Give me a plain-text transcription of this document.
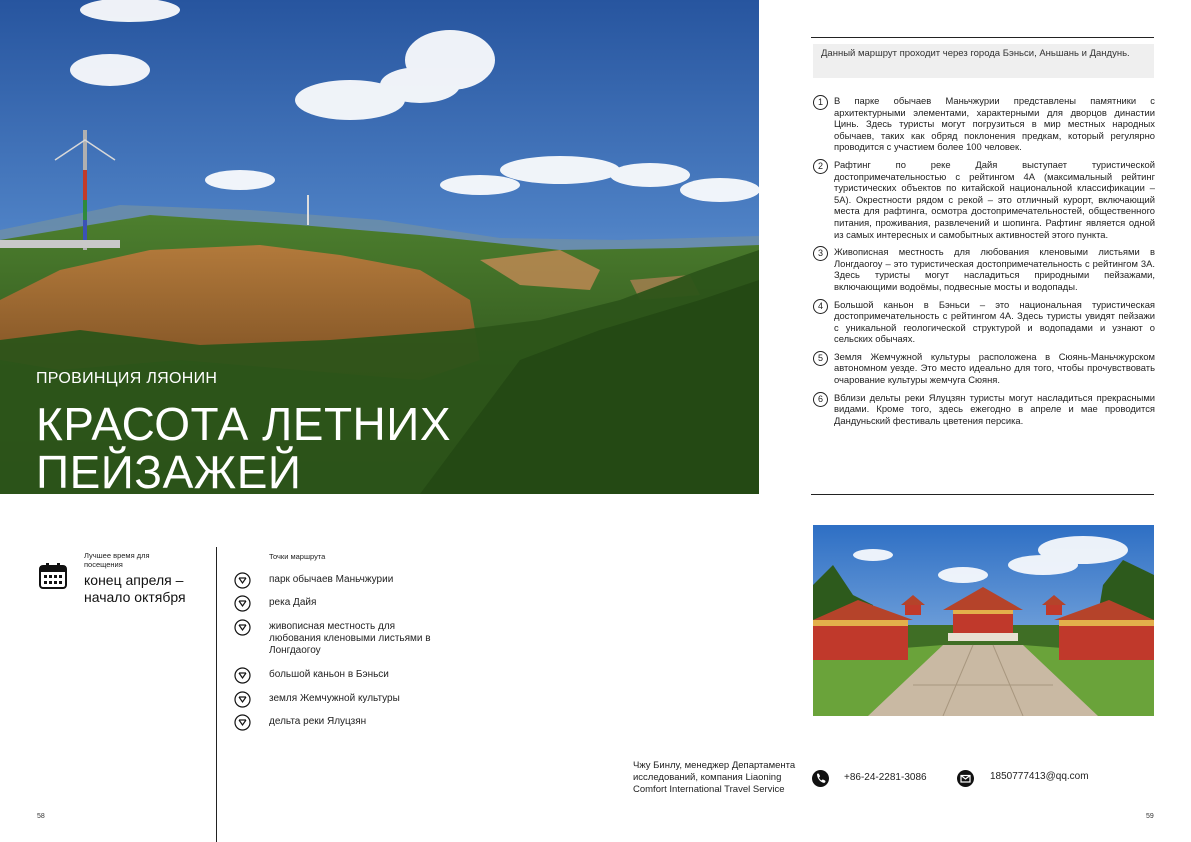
ПРОВИНЦИЯ ЛЯОНИН
КРАСОТА ЛЕТНИХ
ПЕЙЗАЖЕЙ
Данный маршрут проходит через города Бэньси, Аньшань и Дандунь.
1	В парке обычаев Маньчжурии представлены памятники с архитектурными элементами, характерными для дворцов династии Цинь. Здесь туристы могут погрузиться в мир местных народных обычаев, таких как обряд поклонения предкам, который регулярно проводится с участием более 100 человек.
2	Рафтинг по реке Дайя выступает туристической достопримечательностью с рейтингом 4А (максимальный рейтинг туристических объектов по китайской национальной классификации – 5А). Окрестности рядом с рекой – это отличный курорт, включающий места для рафтинга, осмотра достопримечательностей, общественного питания, проживания, развлечений и шопинга. Рафтинг является одной из самых интересных и самобытных активностей этого пункта.
3	Живописная местность для любования кленовыми листьями в Лонгдаогоу – это туристическая достопримечательность с рейтингом 3А. Здесь туристы могут насладиться природными пейзажами, включающими водоёмы, подвесные мосты и водопады.
4	Большой каньон в Бэньси – это национальная туристическая достопримечательность с рейтингом 4А. Здесь туристы увидят пейзажи с уникальной геологической структурой и водопадами и узнают о сельских обычаях.
5	Земля Жемчужной культуры расположена в Сюянь-Маньчжурском автономном уезде. Это место идеально для того, чтобы прочувствовать очарование культуры жемчуга Сюяня.
6	Вблизи дельты реки Ялуцзян туристы могут насладиться прекрасными видами. Кроме того, здесь ежегодно в апреле и мае проводится Дандуньский фестиваль цветения персика.
Лучшее время для посещения
конец апреля – начало октября
Точки маршрута
парк обычаев Маньчжурии
река Дайя
живописная местность для любования кленовыми листьями в Лонгдаогоу
большой каньон в Бэньси
земля Жемчужной культуры
дельта реки Ялуцзян
Чжу Бинлу, менеджер Департамента исследований, компания Liaoning Comfort International Travel Service
+86-24-2281-3086	1850777413@qq.com
58	59
